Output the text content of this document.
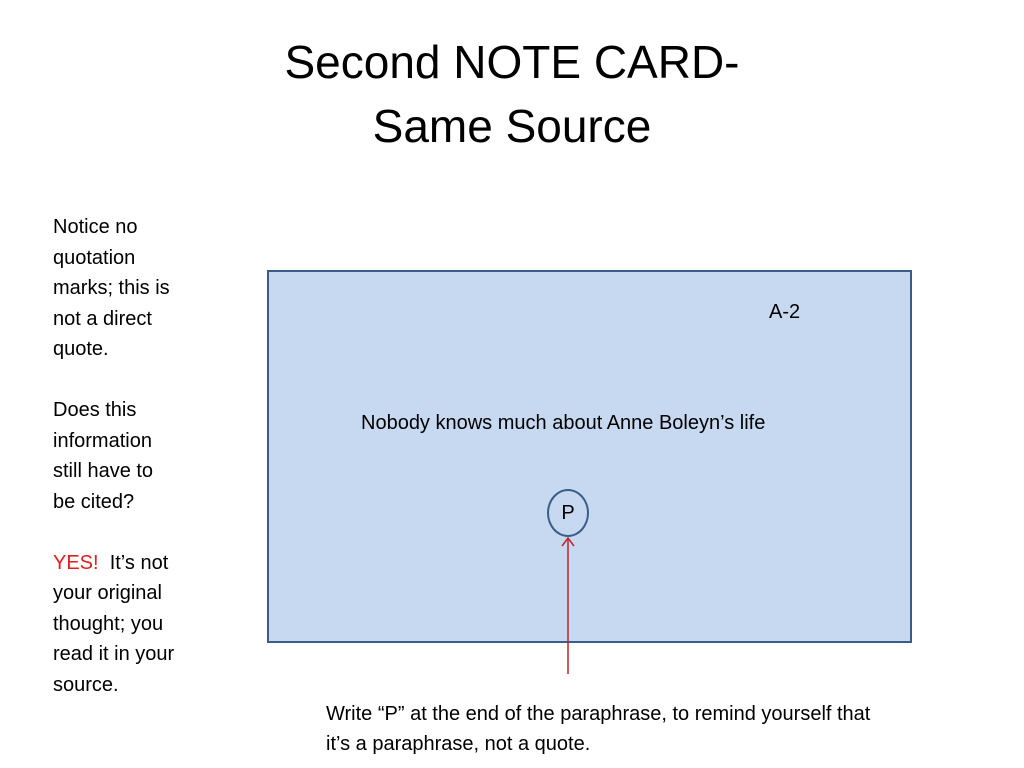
Second NOTE CARD-
Same Source

Notice no

quotation

marks; this is

not a direct

quote.

Does this

information

still have to

be cited?

YES!  It’s not

your original

thought; you

read it in your

source.

A-2
Nobody knows much about Anne Boleyn’s life
P
Write “P” at the end of the paraphrase, to remind yourself that it’s a paraphrase, not a quote.
